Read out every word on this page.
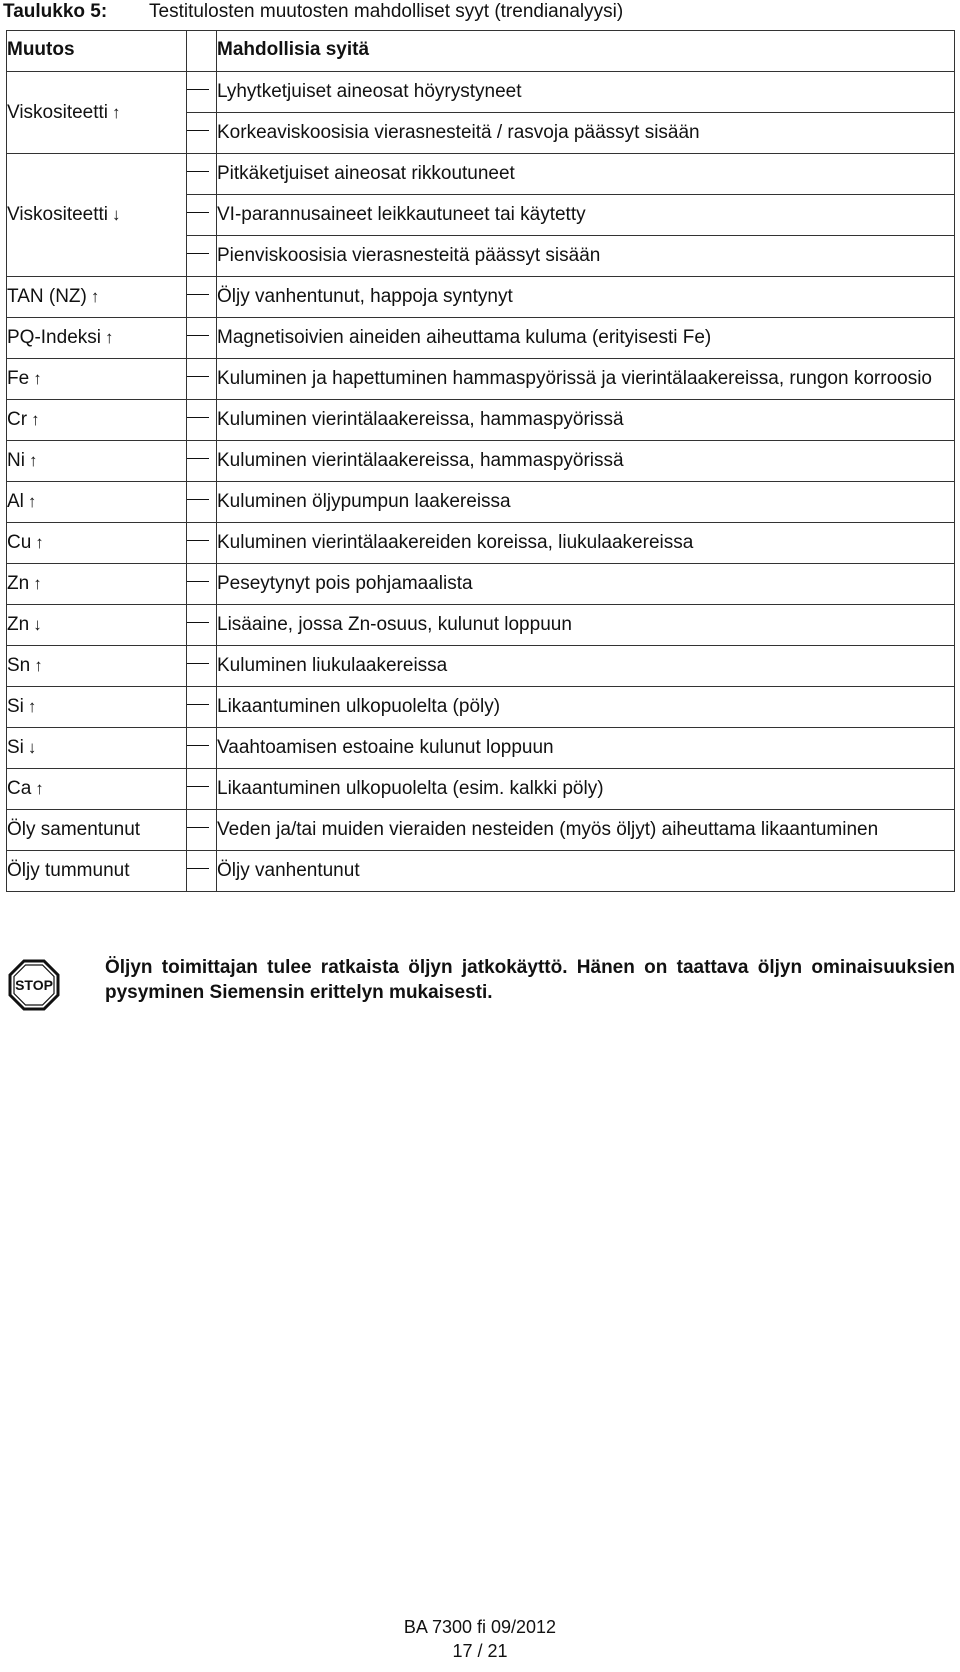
Taulukko 5: Testitulosten muutosten mahdolliset syyt (trendianalyysi)
Muutos		Mahdollisia syitä
Viskositeetti ↑		Lyhytketjuiset aineosat höyrystyneet
		Korkeaviskoosisia vierasnesteitä / rasvoja päässyt sisään
Viskositeetti ↓		Pitkäketjuiset aineosat rikkoutuneet
		VI-parannusaineet leikkautuneet tai käytetty
		Pienviskoosisia vierasnesteitä päässyt sisään
TAN (NZ) ↑		Öljy vanhentunut, happoja syntynyt
PQ-Indeksi ↑		Magnetisoivien aineiden aiheuttama kuluma (erityisesti Fe)
Fe ↑		Kuluminen ja hapettuminen hammaspyörissä ja vierintälaakereissa, rungon korroosio
Cr ↑		Kuluminen vierintälaakereissa, hammaspyörissä
Ni ↑		Kuluminen vierintälaakereissa, hammaspyörissä
Al ↑		Kuluminen öljypumpun laakereissa
Cu ↑		Kuluminen vierintälaakereiden koreissa, liukulaakereissa
Zn ↑		Peseytynyt pois pohjamaalista
Zn ↓		Lisäaine, jossa Zn-osuus, kulunut loppuun
Sn ↑		Kuluminen liukulaakereissa
Si ↑		Likaantuminen ulkopuolelta (pöly)
Si ↓		Vaahtoamisen estoaine kulunut loppuun
Ca ↑		Likaantuminen ulkopuolelta (esim. kalkki pöly)
Öly samentunut		Veden ja/tai muiden vieraiden nesteiden (myös öljyt) aiheuttama likaantuminen
Öljy tummunut		Öljy vanhentunut
STOP
Öljyn toimittajan tulee ratkaista öljyn jatkokäyttö. Hänen on taattava öljyn ominaisuuksien pysyminen Siemensin erittelyn mukaisesti.
BA 7300 fi 09/2012
17 / 21
